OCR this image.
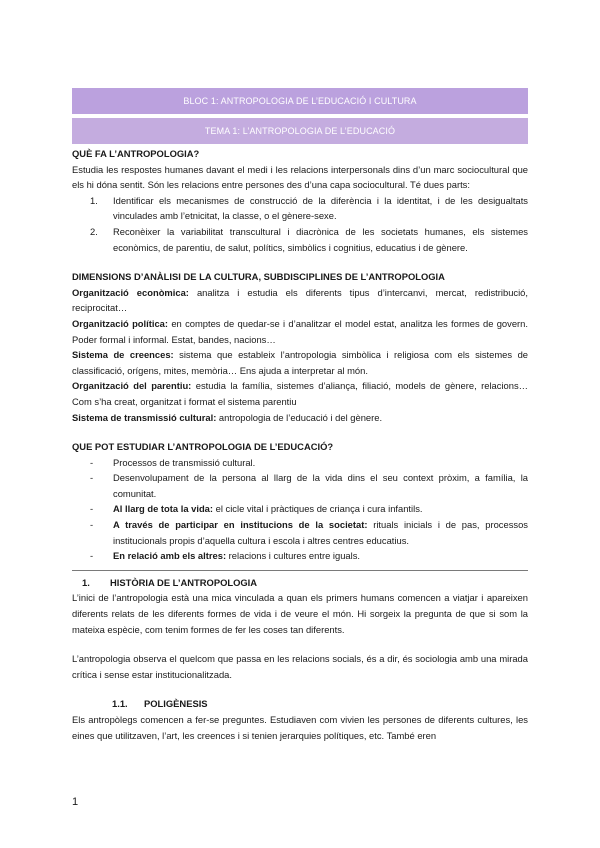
BLOC 1: ANTROPOLOGIA DE L’EDUCACIÓ I CULTURA
TEMA 1: L’ANTROPOLOGIA DE L’EDUCACIÓ
QUÈ FA L’ANTROPOLOGIA?

Estudia les respostes humanes davant el medi i les relacions interpersonals dins d’un marc sociocultural que els hi dóna sentit. Són les relacions entre persones des d’una capa sociocultural. Té dues parts:

1. Identificar els mecanismes de construcció de la diferència i la identitat, i de les desigualtats vinculades amb l’etnicitat, la classe, o el gènere-sexe.
2. Reconèixer la variabilitat transcultural i diacrònica de les societats humanes, els sistemes econòmics, de parentiu, de salut, polítics, simbòlics i cognitius, educatius i de gènere.
DIMENSIONS D’ANÀLISI DE LA CULTURA, SUBDISCIPLINES DE L’ANTROPOLOGIA

Organització econòmica: analitza i estudia els diferents tipus d’intercanvi, mercat, redistribució, reciprocitat…

Organització política: en comptes de quedar-se i d’analitzar el model estat, analitza les formes de govern. Poder formal i informal. Estat, bandes, nacions…

Sistema de creences: sistema que estableix l’antropologia simbòlica i religiosa com els sistemes de classificació, orígens, mites, memòria… Ens ajuda a interpretar al món.

Organització del parentiu: estudia la família, sistemes d’aliança, filiació, models de gènere, relacions… Com s’ha creat, organitzat i format el sistema parentiu

Sistema de transmissió cultural: antropologia de l’educació i del gènere.

QUE POT ESTUDIAR L’ANTROPOLOGIA DE L’EDUCACIÓ?
- Processos de transmissió cultural.
- Desenvolupament de la persona al llarg de la vida dins el seu context pròxim, a família, la comunitat.
- Al llarg de tota la vida: el cicle vital i pràctiques de criança i cura infantils.
- A través de participar en institucions de la societat: rituals inicials i de pas, processos institucionals propis d’aquella cultura i escola i altres centres educatius.
- En relació amb els altres: relacions i cultures entre iguals.
1. HISTÒRIA DE L’ANTROPOLOGIA

L’inici de l’antropologia està una mica vinculada a quan els primers humans comencen a viatjar i apareixen diferents relats de les diferents formes de vida i de veure el món. Hi sorgeix la pregunta de que si som la mateixa espècie, com tenim formes de fer les coses tan diferents.

L’antropologia observa el quelcom que passa en les relacions socials, és a dir, és sociologia amb una mirada crítica i sense estar institucionalitzada.

1.1. POLIGÈNESIS

Els antropòlegs comencen a fer-se preguntes. Estudiaven com vivien les persones de diferents cultures, les eines que utilitzaven, l’art, les creences i si tenien jerarquies polítiques, etc. També eren

1
